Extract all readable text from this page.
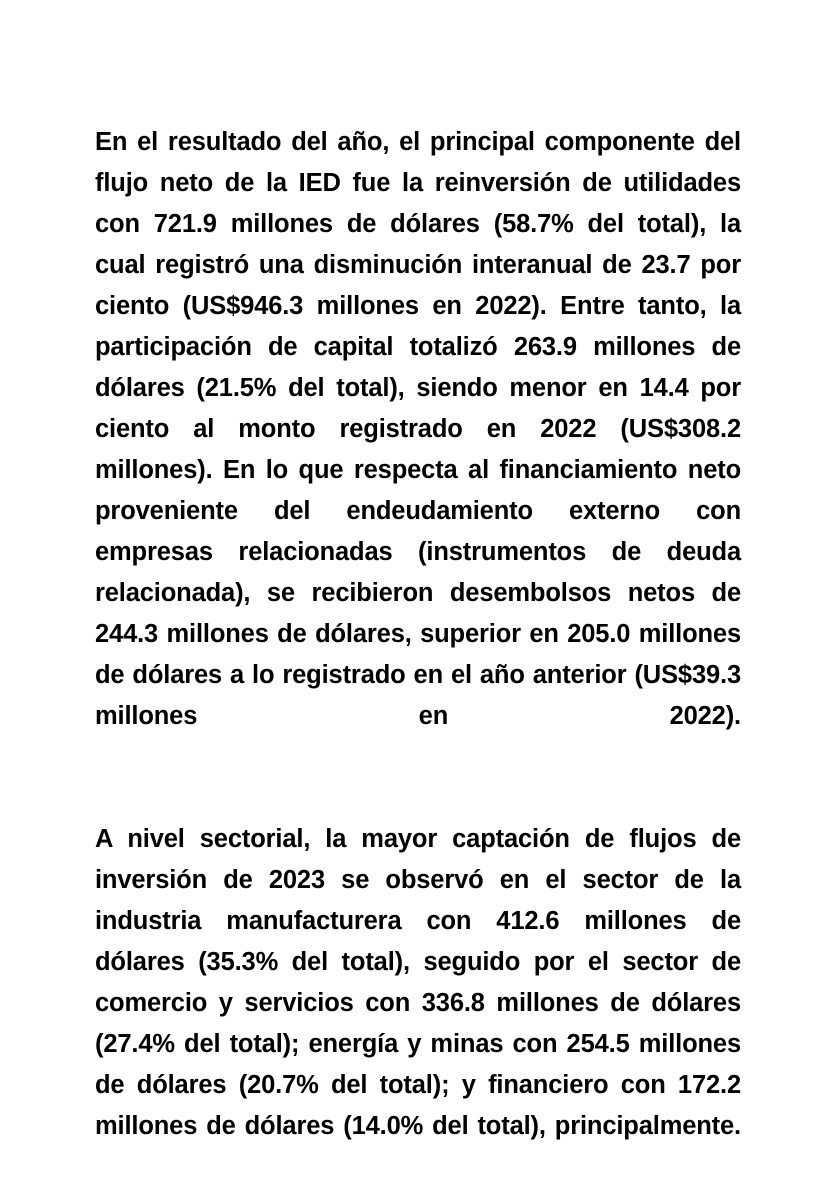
En el resultado del año, el principal componente del flujo neto de la IED fue la reinversión de utilidades con 721.9 millones de dólares (58.7% del total), la cual registró una disminución interanual de 23.7 por ciento (US$946.3 millones en 2022). Entre tanto, la participación de capital totalizó 263.9 millones de dólares (21.5% del total), siendo menor en 14.4 por ciento al monto registrado en 2022 (US$308.2 millones). En lo que respecta al financiamiento neto proveniente del endeudamiento externo con empresas relacionadas (instrumentos de deuda relacionada), se recibieron desembolsos netos de 244.3 millones de dólares, superior en 205.0 millones de dólares a lo registrado en el año anterior (US$39.3 millones en 2022).

A nivel sectorial, la mayor captación de flujos de inversión de 2023 se observó en el sector de la industria manufacturera con 412.6 millones de dólares (35.3% del total), seguido por el sector de comercio y servicios con 336.8 millones de dólares (27.4% del total); energía y minas con 254.5 millones de dólares (20.7% del total); y financiero con 172.2 millones de dólares (14.0% del total), principalmente.
